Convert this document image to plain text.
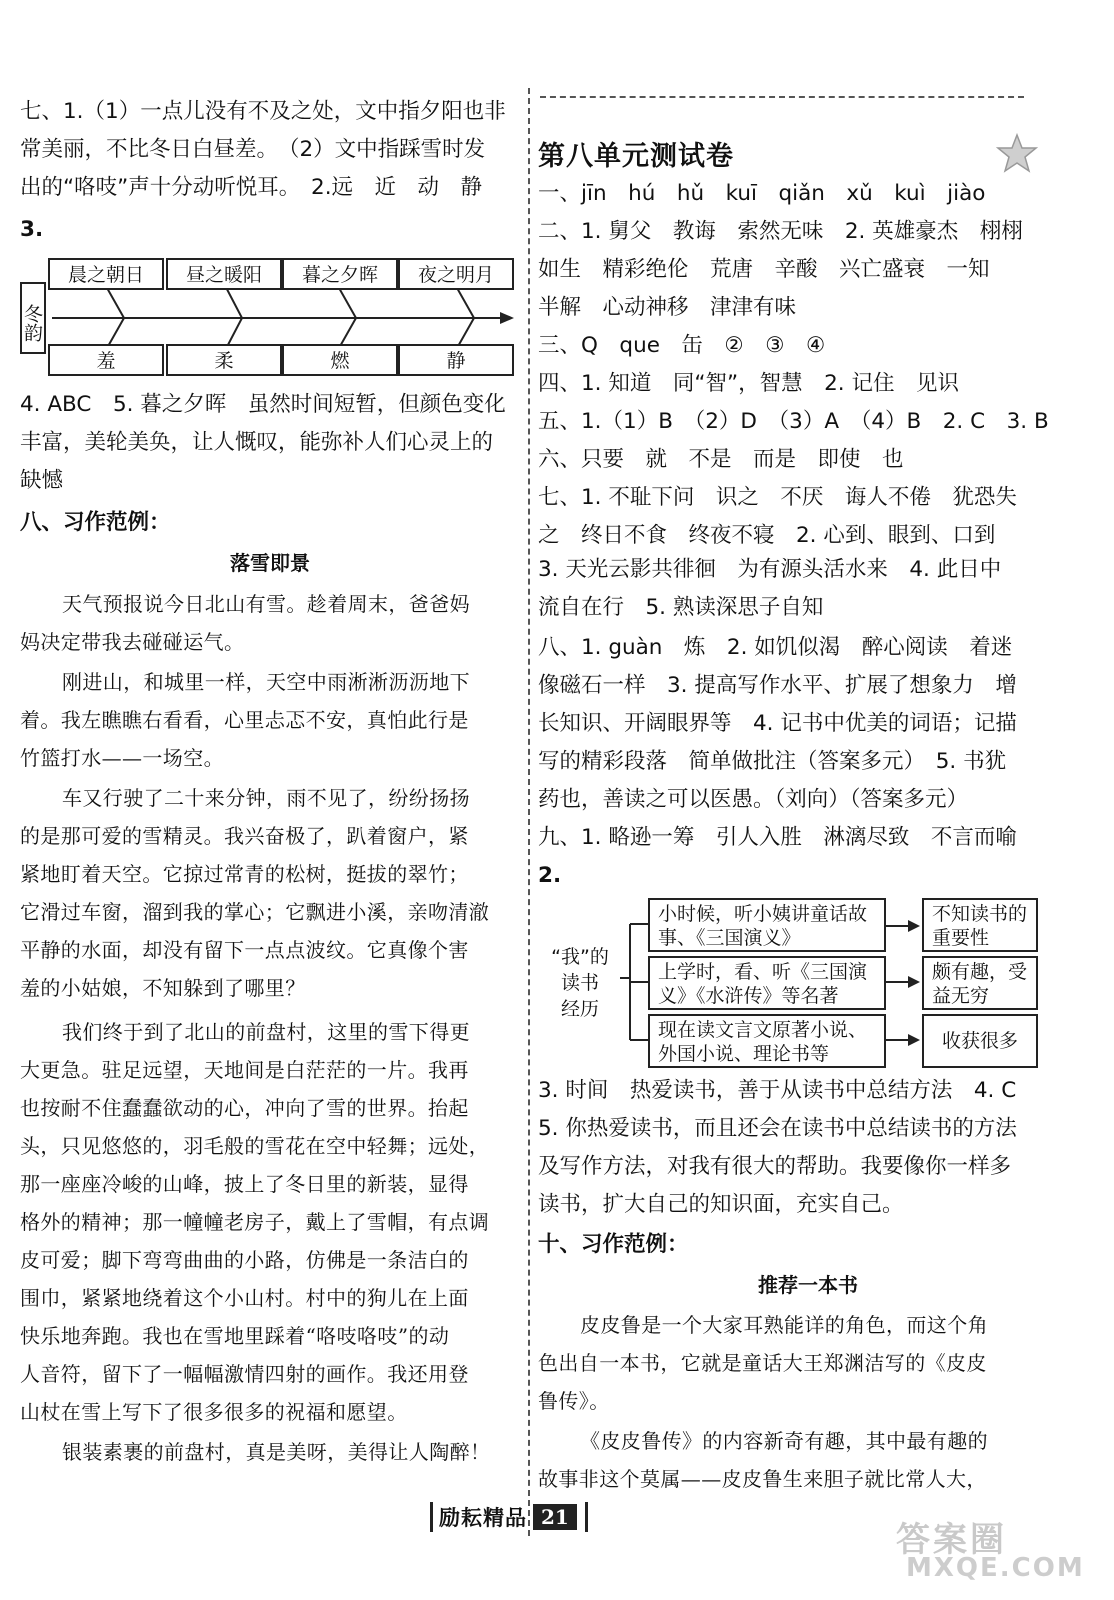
七、1.（1）一点儿没有不及之处，文中指夕阳也非
常美丽，不比冬日白昼差。　（2）文中指踩雪时发
出的“咯吱”声十分动听悦耳。　2.远　近　动　静
3.
冬韵
晨之朝日	昼之暖阳	暮之夕晖	夜之明月
羞	柔	燃	静
4. ABC　5. 暮之夕晖　虽然时间短暂，但颜色变化
丰富，美轮美奂，让人慨叹，能弥补人们心灵上的
缺憾
八、习作范例：
落雪即景
天气预报说今日北山有雪。趁着周末，爸爸妈
妈决定带我去碰碰运气。
刚进山，和城里一样，天空中雨淅淅沥沥地下
着。我左瞧瞧右看看，心里忐忑不安，真怕此行是
竹篮打水——一场空。
车又行驶了二十来分钟，雨不见了，纷纷扬扬
的是那可爱的雪精灵。我兴奋极了，趴着窗户，紧
紧地盯着天空。它掠过常青的松树，挺拔的翠竹；
它滑过车窗，溜到我的掌心；它飘进小溪，亲吻清澈
平静的水面，却没有留下一点点波纹。它真像个害
羞的小姑娘，不知躲到了哪里？
我们终于到了北山的前盘村，这里的雪下得更
大更急。驻足远望，天地间是白茫茫的一片。我再
也按耐不住蠢蠢欲动的心，冲向了雪的世界。抬起
头，只见悠悠的，羽毛般的雪花在空中轻舞；远处，
那一座座冷峻的山峰，披上了冬日里的新装，显得
格外的精神；那一幢幢老房子，戴上了雪帽，有点调
皮可爱；脚下弯弯曲曲的小路，仿佛是一条洁白的
围巾，紧紧地绕着这个小山村。村中的狗儿在上面
快乐地奔跑。我也在雪地里踩着“咯吱咯吱”的动
人音符，留下了一幅幅激情四射的画作。我还用登
山杖在雪上写下了很多很多的祝福和愿望。
银装素裹的前盘村，真是美呀，美得让人陶醉！
第八单元测试卷
一、jīn　hú　hǔ　kuī　qiǎn　xǔ　kuì　jiào
二、1. 舅父　教诲　索然无味　2. 英雄豪杰　栩栩
如生　精彩绝伦　荒唐　辛酸　兴亡盛衰　一知
半解　心动神移　津津有味
三、Q　que　缶　②　③　④
四、1. 知道　同“智”，智慧　2. 记住　见识
五、1.（1）B　（2）D　（3）A　（4）B　2. C　3. B
六、只要　就　不是　而是　即使　也
七、1. 不耻下问　识之　不厌　诲人不倦　犹恐失
之　终日不食　终夜不寝　2. 心到、眼到、口到
3. 天光云影共徘徊　为有源头活水来　4. 此日中
流自在行　5. 熟读深思子自知
八、1. guàn　炼　2. 如饥似渴　醉心阅读　着迷
像磁石一样　3. 提高写作水平、扩展了想象力　增
长知识、开阔眼界等　4. 记书中优美的词语；记描
写的精彩段落　简单做批注（答案多元）　5. 书犹
药也，善读之可以医愚。（刘向）（答案多元）
九、1. 略逊一筹　引人入胜　淋漓尽致　不言而喻
2.
“我”的
读书
经历
小时候，听小姨讲童话故事、《三国演义》
上学时，看、听《三国演义》《水浒传》等名著
现在读文言文原著小说、外国小说、理论书等
不知读书的重要性
颇有趣，受益无穷
收获很多
3. 时间　热爱读书，善于从读书中总结方法　4. C
5. 你热爱读书，而且还会在读书中总结读书的方法
及写作方法，对我有很大的帮助。我要像你一样多
读书，扩大自己的知识面，充实自己。
十、习作范例：
推荐一本书
皮皮鲁是一个大家耳熟能详的角色，而这个角
色出自一本书，它就是童话大王郑渊洁写的《皮皮
鲁传》。
《皮皮鲁传》的内容新奇有趣，其中最有趣的
故事非这个莫属——皮皮鲁生来胆子就比常人大，
励耘精品 21
答案圈
MXQE.COM
